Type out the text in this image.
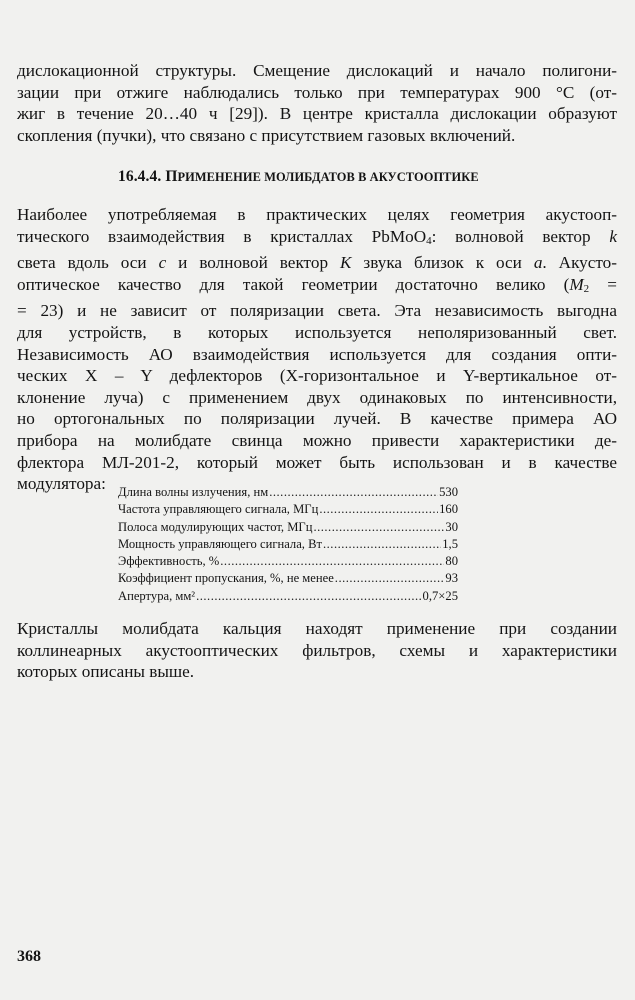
дислокационной структуры. Смещение дислокаций и начало полигони-
зации при отжиге наблюдались только при температурах 900 °С (от-
жиг в течение 20…40 ч [29]). В центре кристалла дислокации образуют
скопления (пучки), что связано с присутствием газовых включений.
16.4.4. ПРИМЕНЕНИЕ МОЛИБДАТОВ В АКУСТООПТИКЕ
Наиболее употребляемая в практических целях геометрия акустооп-
тического взаимодействия в кристаллах PbMoO$_4$: волновой вектор k
света вдоль оси c и волновой вектор K звука близок к оси a. Акусто-
оптическое качество для такой геометрии достаточно велико ($M_2$ =
= 23) и не зависит от поляризации света. Эта независимость выгодна
для устройств, в которых используется неполяризованный свет.
Независимость АО взаимодействия используется для создания опти-
ческих X – Y дефлекторов (X-горизонтальное и Y-вертикальное от-
клонение луча) с применением двух одинаковых по интенсивности,
но ортогональных по поляризации лучей. В качестве примера АО
прибора на молибдате свинца можно привести характеристики де-
флектора МЛ-201-2, который может быть использован и в качестве
модулятора: Длина волны излучения, нм .....	530
Частота управляющего сигнала, МГц .....	160
Полоса модулирующих частот, МГц .....	30
Мощность управляющего сигнала, Вт .....	1,5
Эффективность, % .....	80
Коэффициент пропускания, %, не менее .....	93
Апертура, мм² .....	0,7×25
Кристаллы молибдата кальция находят применение при создании
коллинеарных акустооптических фильтров, схемы и характеристики
которых описаны выше.
368
